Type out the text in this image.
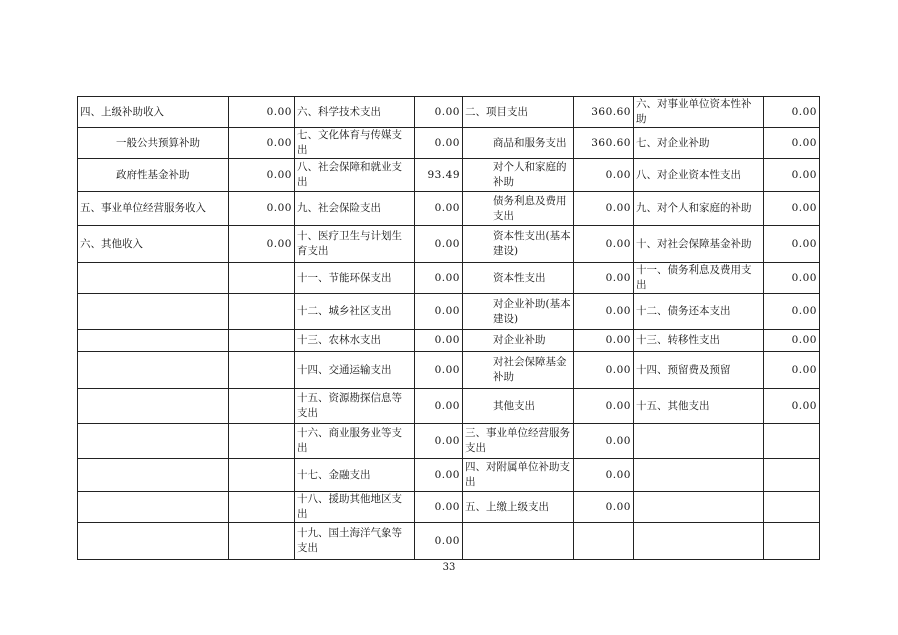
四、上级补助收入	0.00	六、科学技术支出	0.00	二、项目支出	360.60	六、对事业单位资本性补助	0.00
一般公共预算补助	0.00	七、文化体育与传媒支出	0.00	商品和服务支出	360.60	七、对企业补助	0.00
政府性基金补助	0.00	八、社会保障和就业支出	93.49	对个人和家庭的补助	0.00	八、对企业资本性支出	0.00
五、事业单位经营服务收入	0.00	九、社会保险支出	0.00	债务利息及费用支出	0.00	九、对个人和家庭的补助	0.00
六、其他收入	0.00	十、医疗卫生与计划生育支出	0.00	资本性支出(基本建设)	0.00	十、对社会保障基金补助	0.00
		十一、节能环保支出	0.00	资本性支出	0.00	十一、债务利息及费用支出	0.00
		十二、城乡社区支出	0.00	对企业补助(基本建设)	0.00	十二、债务还本支出	0.00
		十三、农林水支出	0.00	对企业补助	0.00	十三、转移性支出	0.00
		十四、交通运输支出	0.00	对社会保障基金补助	0.00	十四、预留费及预留	0.00
		十五、资源勘探信息等支出	0.00	其他支出	0.00	十五、其他支出	0.00
		十六、商业服务业等支出	0.00	三、事业单位经营服务支出	0.00		
		十七、金融支出	0.00	四、对附属单位补助支出	0.00		
		十八、援助其他地区支出	0.00	五、上缴上级支出	0.00		
		十九、国土海洋气象等支出	0.00				
33
